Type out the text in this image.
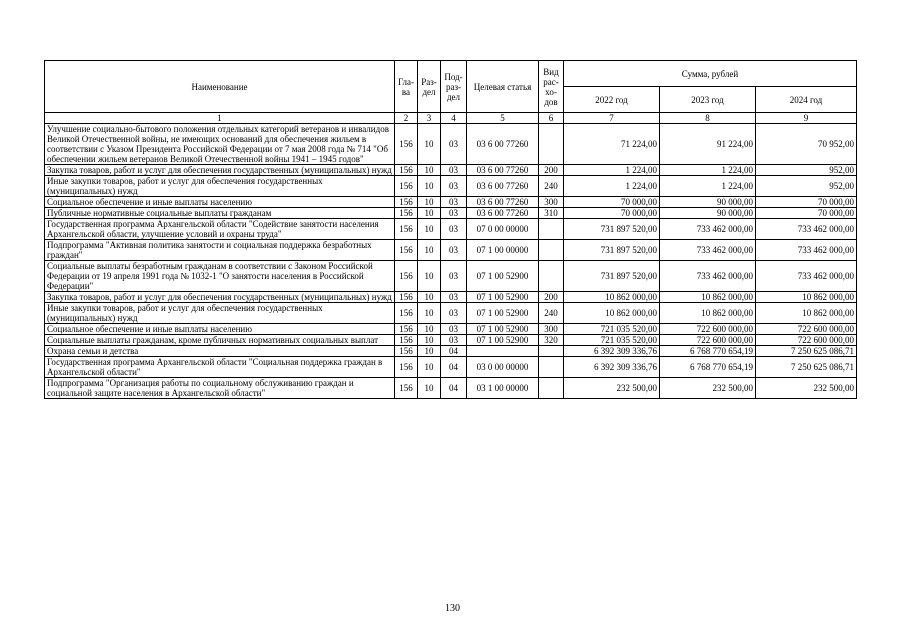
Наименование	Гла-ва	Раз-дел	Под-раз-дел	Целевая статья	Вид рас-хо-дов	Сумма, рублей		
						2022 год	2023 год	2024 год
1	2	3	4	5	6	7	8	9
Улучшение социально-бытового положения отдельных категорий ветеранов и инвалидов Великой Отечественной войны, не имеющих оснований для обеспечения жильем в соответствии с Указом Президента Российской Федерации от 7 мая 2008 года № 714 "Об обеспечении жильем ветеранов Великой Отечественной войны 1941 – 1945 годов"	156	10	03	03 6 00 77260		71 224,00	91 224,00	70 952,00
Закупка товаров, работ и услуг для обеспечения государственных (муниципальных) нужд	156	10	03	03 6 00 77260	200	1 224,00	1 224,00	952,00
Иные закупки товаров, работ и услуг для обеспечения государственных (муниципальных) нужд	156	10	03	03 6 00 77260	240	1 224,00	1 224,00	952,00
Социальное обеспечение и иные выплаты населению	156	10	03	03 6 00 77260	300	70 000,00	90 000,00	70 000,00
Публичные нормативные социальные выплаты гражданам	156	10	03	03 6 00 77260	310	70 000,00	90 000,00	70 000,00
Государственная программа Архангельской области "Содействие занятости населения Архангельской области, улучшение условий и охраны труда"	156	10	03	07 0 00 00000		731 897 520,00	733 462 000,00	733 462 000,00
Подпрограмма "Активная политика занятости и социальная поддержка безработных граждан"	156	10	03	07 1 00 00000		731 897 520,00	733 462 000,00	733 462 000,00
Социальные выплаты безработным гражданам в соответствии с Законом Российской Федерации от 19 апреля 1991 года № 1032-1 "О занятости населения в Российской Федерации"	156	10	03	07 1 00 52900		731 897 520,00	733 462 000,00	733 462 000,00
Закупка товаров, работ и услуг для обеспечения государственных (муниципальных) нужд	156	10	03	07 1 00 52900	200	10 862 000,00	10 862 000,00	10 862 000,00
Иные закупки товаров, работ и услуг для обеспечения государственных (муниципальных) нужд	156	10	03	07 1 00 52900	240	10 862 000,00	10 862 000,00	10 862 000,00
Социальное обеспечение и иные выплаты населению	156	10	03	07 1 00 52900	300	721 035 520,00	722 600 000,00	722 600 000,00
Социальные выплаты гражданам, кроме публичных нормативных социальных выплат	156	10	03	07 1 00 52900	320	721 035 520,00	722 600 000,00	722 600 000,00
Охрана семьи и детства	156	10	04			6 392 309 336,76	6 768 770 654,19	7 250 625 086,71
Государственная программа Архангельской области "Социальная поддержка граждан в Архангельской области"	156	10	04	03 0 00 00000		6 392 309 336,76	6 768 770 654,19	7 250 625 086,71
Подпрограмма "Организация работы по социальному обслуживанию граждан и социальной защите населения в Архангельской области"	156	10	04	03 1 00 00000		232 500,00	232 500,00	232 500,00
130
